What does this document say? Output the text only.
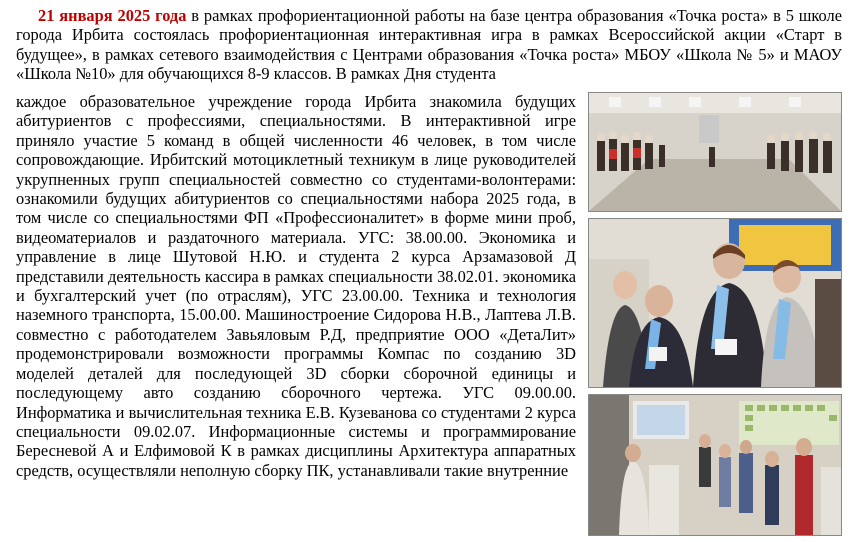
21 января 2025 года в рамках профориентационной работы на базе центра образования «Точка роста» в 5 школе города Ирбита состоялась профориентационная интерактивная игра в рамках Всероссийской акции «Старт в будущее», в рамках сетевого взаимодействия с Центрами образования «Точка роста» МБОУ «Школа № 5» и МАОУ «Школа №10» для обучающихся 8-9 классов. В рамках Дня студента
каждое образовательное учреждение города Ирбита знакомила будущих абитуриентов с профессиями, специальностями. В интерактивной игре приняло участие 5 команд в общей численности 46 человек, в том числе сопровождающие. Ирбитский мотоциклетный техникум в лице руководителей укрупненных групп специальностей совместно со студентами-волонтерами: ознакомили будущих абитуриентов со специальностями набора 2025 года, в том числе со специальностями ФП «Профессионалитет» в форме мини проб, видеоматериалов и раздаточного материала. УГС: 38.00.00. Экономика и управление в лице Шутовой Н.Ю. и студента 2 курса Арзамазовой Д представили деятельность кассира в рамках специальности 38.02.01. экономика и бухгалтерский учет (по отраслям), УГС 23.00.00. Техника и технология наземного транспорта, 15.00.00. Машиностроение Сидорова Н.В., Лаптева Л.В. совместно с работодателем Завьяловым Р.Д, предприятие ООО «ДетаЛит» продемонстрировали возможности программы Компас по созданию 3D моделей деталей для последующей 3D сборки сборочной единицы и последующему авто созданию сборочного чертежа. УГС 09.00.00. Информатика и вычислительная техника Е.В. Кузеванова со студентами 2 курса специальности 09.02.07. Информационные системы и программирование Бересневой А и Елфимовой К в рамках дисциплины Архитектура аппаратных средств, осуществляли неполную сборку ПК, устанавливали такие внутренние
